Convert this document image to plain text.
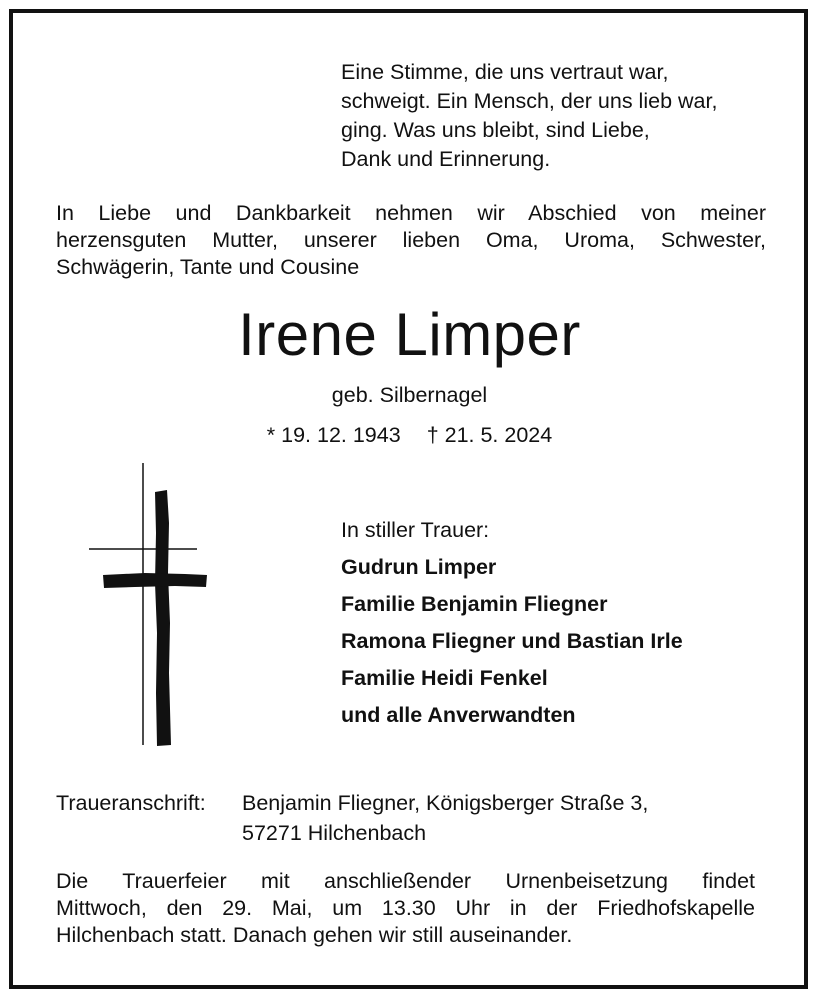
Eine Stimme, die uns vertraut war,
schweigt. Ein Mensch, der uns lieb war,
ging. Was uns bleibt, sind Liebe,
Dank und Erinnerung.
In Liebe und Dankbarkeit nehmen wir Abschied von meiner
herzensguten Mutter, unserer lieben Oma, Uroma, Schwester,
Schwägerin, Tante und Cousine
Irene Limper
geb. Silbernagel
* 19. 12. 1943 † 21. 5. 2024
In stiller Trauer:
Gudrun Limper
Familie Benjamin Fliegner
Ramona Fliegner und Bastian Irle
Familie Heidi Fenkel
und alle Anverwandten
Traueranschrift:	Benjamin Fliegner, Königsberger Straße 3,
57271 Hilchenbach
Die Trauerfeier mit anschließender Urnenbeisetzung findet
Mittwoch, den 29. Mai, um 13.30 Uhr in der Friedhofskapelle
Hilchenbach statt. Danach gehen wir still auseinander.
